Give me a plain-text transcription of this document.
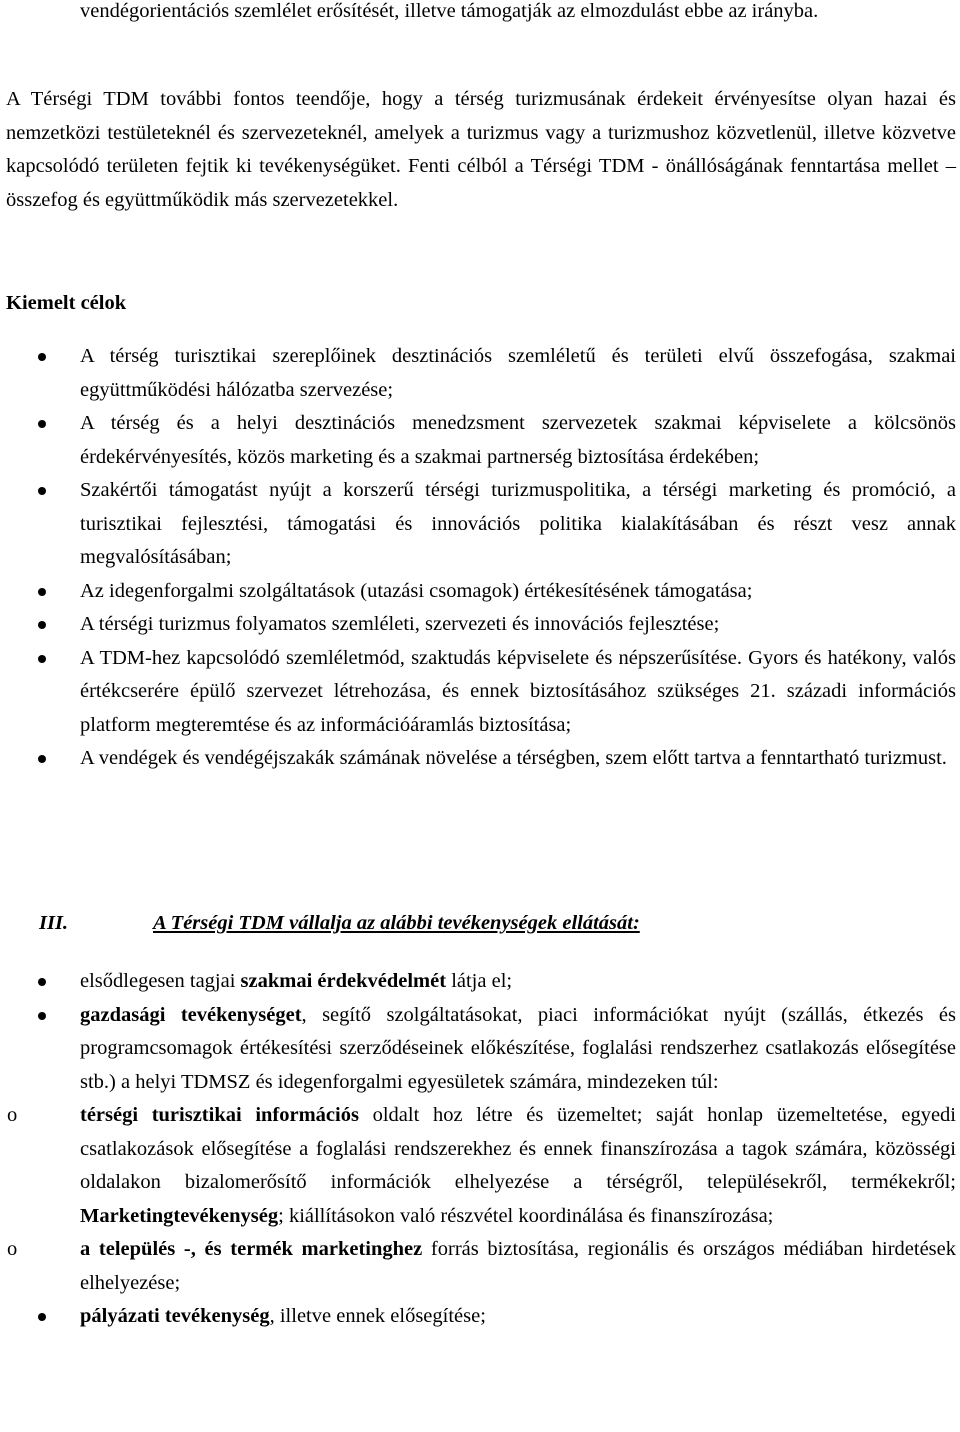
vendégorientációs szemlélet erősítését, illetve támogatják az elmozdulást ebbe az irányba.
A Térségi TDM további fontos teendője, hogy a térség turizmusának érdekeit érvényesítse olyan hazai és nemzetközi testületeknél és szervezeteknél, amelyek a turizmus vagy a turizmushoz közvetlenül, illetve közvetve kapcsolódó területen fejtik ki tevékenységüket. Fenti célból a Térségi TDM - önállóságának fenntartása mellet – összefog és együttműködik más szervezetekkel.
Kiemelt célok
A térség turisztikai szereplőinek desztinációs szemléletű és területi elvű összefogása, szakmai együttműködési hálózatba szervezése;
A térség és a helyi desztinációs menedzsment szervezetek szakmai képviselete a kölcsönös érdekérvényesítés, közös marketing és a szakmai partnerség biztosítása érdekében;
Szakértői támogatást nyújt a korszerű térségi turizmuspolitika, a térségi marketing és promóció, a turisztikai fejlesztési, támogatási és innovációs politika kialakításában és részt vesz annak megvalósításában;
Az idegenforgalmi szolgáltatások (utazási csomagok) értékesítésének támogatása;
A térségi turizmus folyamatos szemléleti, szervezeti és innovációs fejlesztése;
A TDM-hez kapcsolódó szemléletmód, szaktudás képviselete és népszerűsítése. Gyors és hatékony, valós értékcserére épülő szervezet létrehozása, és ennek biztosításához szükséges 21. századi információs platform megteremtése és az információáramlás biztosítása;
A vendégek és vendégéjszakák számának növelése a térségben, szem előtt tartva a fenntartható turizmust.
III.	A Térségi TDM vállalja az alábbi tevékenységek ellátását:
elsődlegesen tagjai szakmai érdekvédelmét látja el;
gazdasági tevékenységet, segítő szolgáltatásokat, piaci információkat nyújt (szállás, étkezés és programcsomagok értékesítési szerződéseinek előkészítése, foglalási rendszerhez csatlakozás elősegítése stb.) a helyi TDMSZ és idegenforgalmi egyesületek számára, mindezeken túl:
o	térségi turisztikai információs oldalt hoz létre és üzemeltet; saját honlap üzemeltetése, egyedi csatlakozások elősegítése a foglalási rendszerekhez és ennek finanszírozása a tagok számára, közösségi oldalakon bizalomerősítő információk elhelyezése a térségről, településekről, termékekről; Marketingtevékenység; kiállításokon való részvétel koordinálása és finanszírozása;
o	a település -, és termék marketinghez forrás biztosítása, regionális és országos médiában hirdetések elhelyezése;
pályázati tevékenység, illetve ennek elősegítése;
